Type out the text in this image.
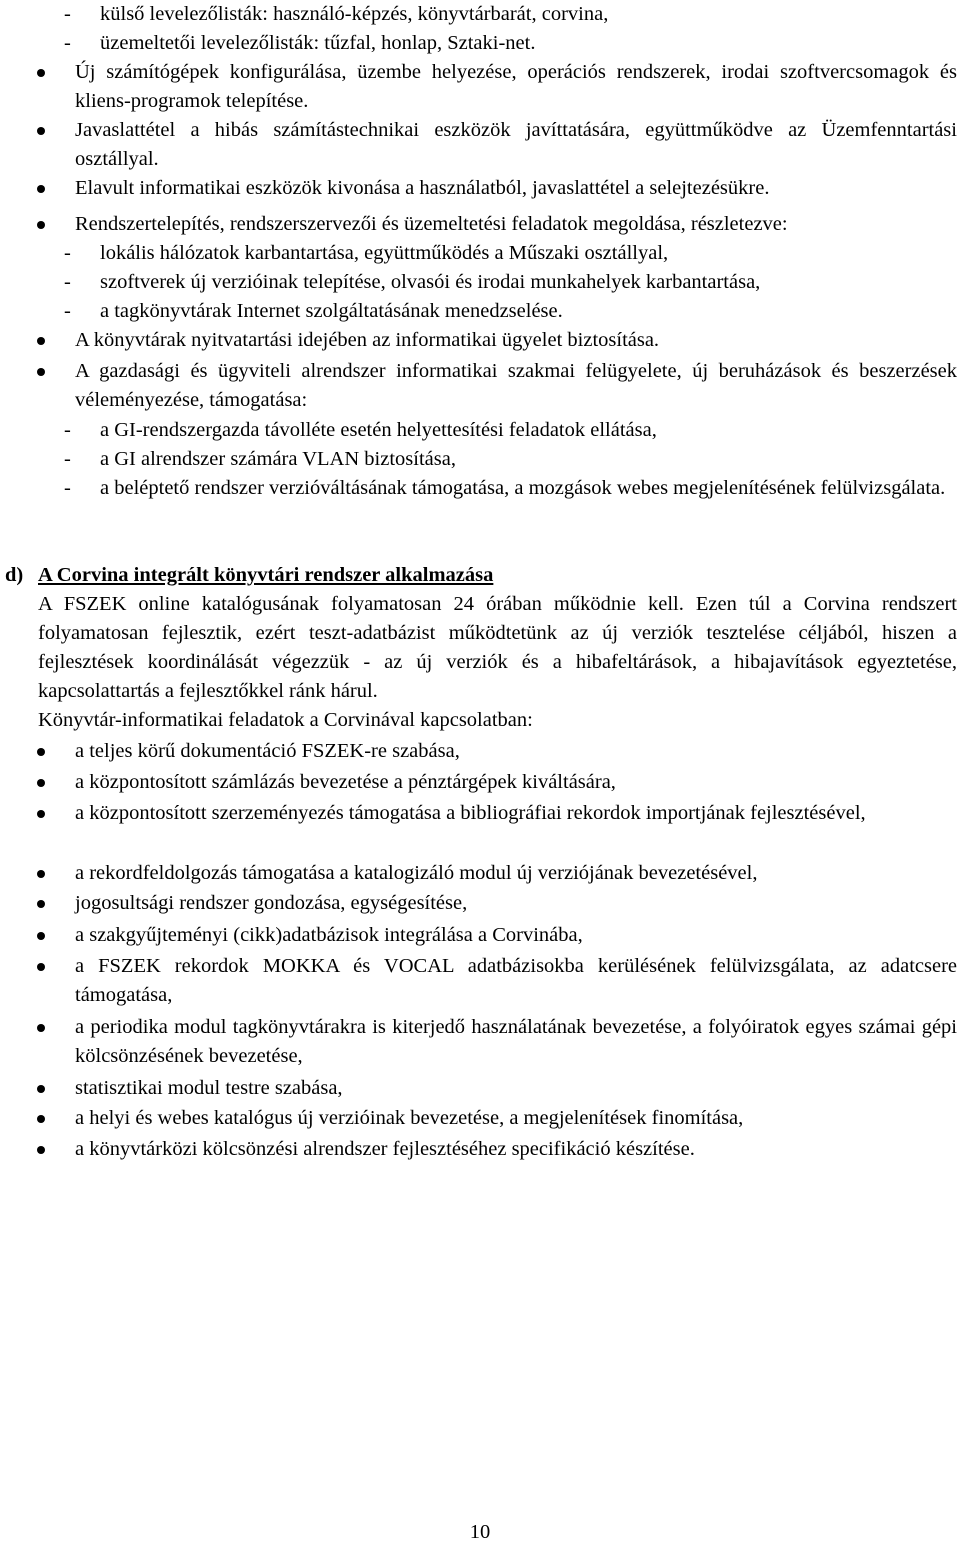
- külső levelezőlisták: használó-képzés, könyvtárbarát, corvina,
- üzemeltetői levelezőlisták: tűzfal, honlap, Sztaki-net.
Új számítógépek konfigurálása, üzembe helyezése, operációs rendszerek, irodai szoftvercsomagok és kliens-programok telepítése.
Javaslattétel a hibás számítástechnikai eszközök javíttatására, együttműködve az Üzemfenntartási osztállyal.
Elavult informatikai eszközök kivonása a használatból, javaslattétel a selejtezésükre.
Rendszertelepítés, rendszerszervezői és üzemeltetési feladatok megoldása, részletezve:
- lokális hálózatok karbantartása, együttműködés a Műszaki osztállyal,
- szoftverek új verzióinak telepítése, olvasói és irodai munkahelyek karbantartása,
- a tagkönyvtárak Internet szolgáltatásának menedzselése.
A könyvtárak nyitvatartási idejében az informatikai ügyelet biztosítása.
A gazdasági és ügyviteli alrendszer informatikai szakmai felügyelete, új beruházások és beszerzések véleményezése, támogatása:
- a GI-rendszergazda távolléte esetén helyettesítési feladatok ellátása,
- a GI alrendszer számára VLAN biztosítása,
- a beléptető rendszer verzióváltásának támogatása, a mozgások webes megjelenítésének felülvizsgálata.
d) A Corvina integrált könyvtári rendszer alkalmazása
A FSZEK online katalógusának folyamatosan 24 órában működnie kell. Ezen túl a Corvina rendszert folyamatosan fejlesztik, ezért teszt-adatbázist működtetünk az új verziók tesztelése céljából, hiszen a fejlesztések koordinálását végezzük - az új verziók és a hibafeltárások, a hibajavítások egyeztetése, kapcsolattartás a fejlesztőkkel ránk hárul.
Könyvtár-informatikai feladatok a Corvinával kapcsolatban:
a teljes körű dokumentáció FSZEK-re szabása,
a központosított számlázás bevezetése a pénztárgépek kiváltására,
a központosított szerzeményezés támogatása a bibliográfiai rekordok importjának fejlesztésével,
a rekordfeldolgozás támogatása a katalogizáló modul új verziójának bevezetésével,
jogosultsági rendszer gondozása, egységesítése,
a szakgyűjteményi (cikk)adatbázisok integrálása a Corvinába,
a FSZEK rekordok MOKKA és VOCAL adatbázisokba kerülésének felülvizsgálata, az adatcsere támogatása,
a periodika modul tagkönyvtárakra is kiterjedő használatának bevezetése, a folyóiratok egyes számai gépi kölcsönzésének bevezetése,
statisztikai modul testre szabása,
a helyi és webes katalógus új verzióinak bevezetése, a megjelenítések finomítása,
a könyvtárközi kölcsönzési alrendszer fejlesztéséhez specifikáció készítése.
10
